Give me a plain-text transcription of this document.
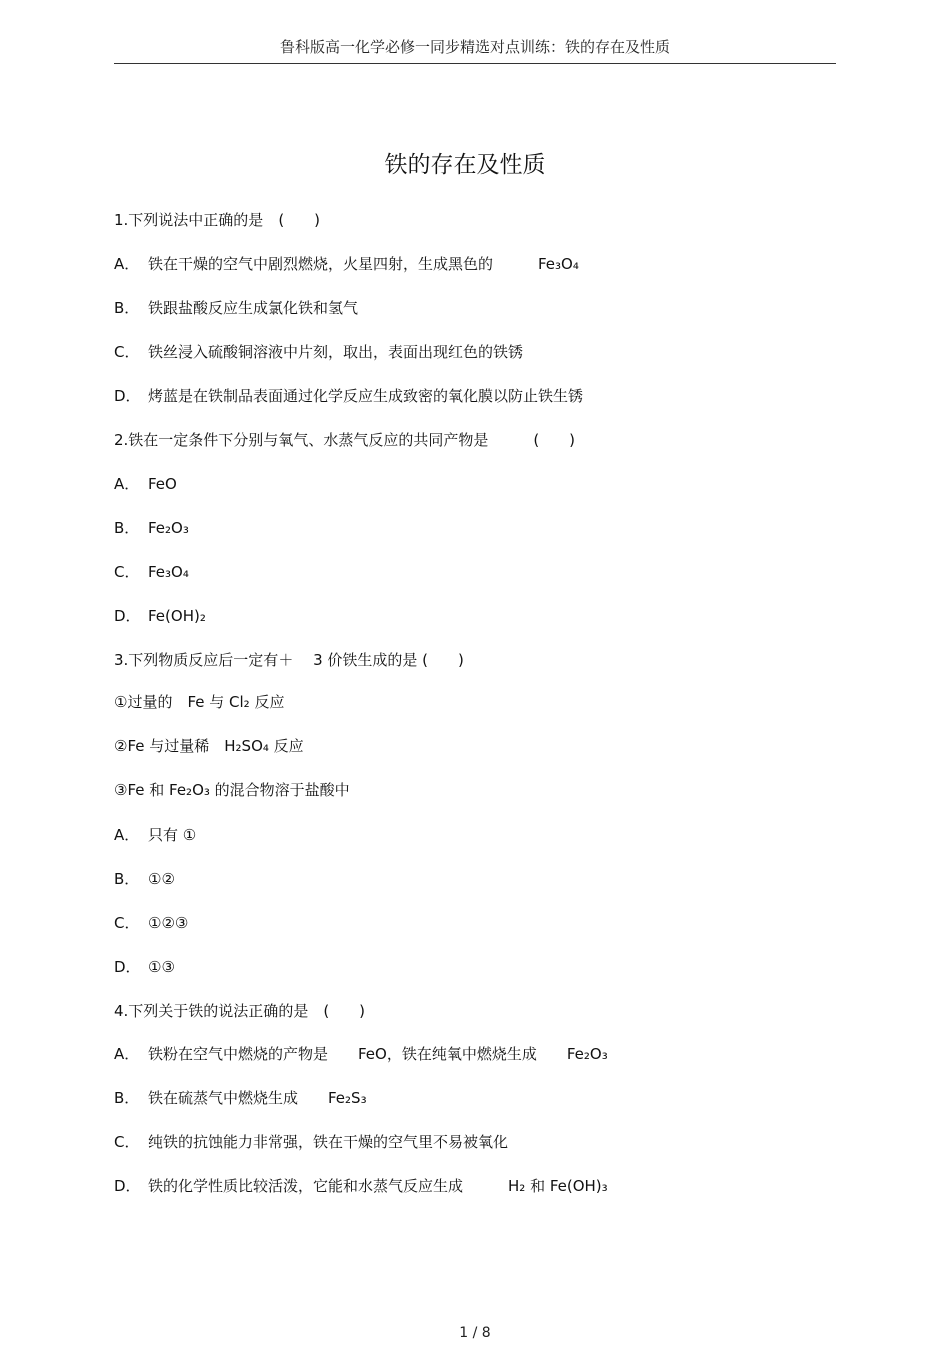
鲁科版高一化学必修一同步精选对点训练：铁的存在及性质
铁的存在及性质
1.下列说法中正确的是　(　　)
A． 铁在干燥的空气中剧烈燃烧，火星四射，生成黑色的　　　Fe₃O₄
B． 铁跟盐酸反应生成氯化铁和氢气
C． 铁丝浸入硫酸铜溶液中片刻，取出，表面出现红色的铁锈
D． 烤蓝是在铁制品表面通过化学反应生成致密的氧化膜以防止铁生锈
2.铁在一定条件下分别与氧气、水蒸气反应的共同产物是　　　(　　)
A． FeO
B． Fe₂O₃
C． Fe₃O₄
D． Fe(OH)₂
3.下列物质反应后一定有＋　 3 价铁生成的是 (　　)
①过量的　Fe 与 Cl₂ 反应
②Fe 与过量稀　H₂SO₄ 反应
③Fe 和 Fe₂O₃ 的混合物溶于盐酸中
A． 只有 ①
B． ①②
C． ①②③
D． ①③
4.下列关于铁的说法正确的是　(　　)
A． 铁粉在空气中燃烧的产物是　　FeO，铁在纯氧中燃烧生成　　Fe₂O₃
B． 铁在硫蒸气中燃烧生成　　Fe₂S₃
C． 纯铁的抗蚀能力非常强，铁在干燥的空气里不易被氧化
D． 铁的化学性质比较活泼，它能和水蒸气反应生成　　　H₂ 和 Fe(OH)₃
1 / 8
